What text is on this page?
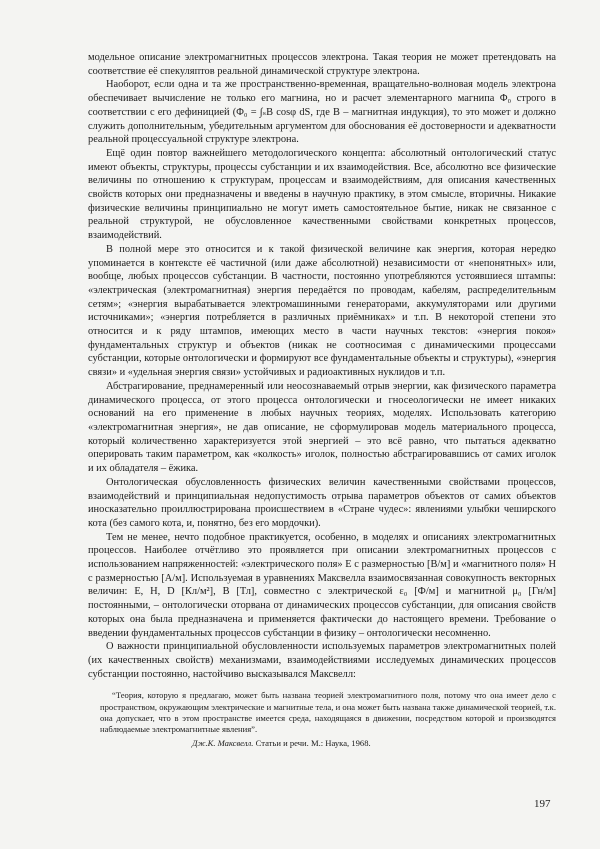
модельное описание электромагнитных процессов электрона. Такая теория не может претендовать на соответствие её спекуляптов реальной динамической структуре электрона.

Наоборот, если одна и та же пространственно-временная, вращательно-волновая модель электрона обеспечивает вычисление не только его магнина, но и расчет элементарного магнипа Φ₀ строго в соответствии с его дефиницией (Φ₀ = ∫ₛB cosφ dS, где B – магнитная индукция), то это может и должно служить дополнительным, убедительным аргументом для обоснования её достоверности и адекватности реальной процессуальной структуре электрона.

Ещё один повтор важнейшего методологического концепта: абсолютный онтологический статус имеют объекты, структуры, процессы субстанции и их взаимодействия. Все, абсолютно все физические величины по отношению к структурам, процессам и взаимодействиям, для описания качественных свойств которых они предназначены и введены в научную практику, в этом смысле, вторичны. Никакие физические величины принципиально не могут иметь самостоятельное бытие, никак не связанное с реальной структурой, не обусловленное качественными свойствами конкретных процессов, взаимодействий.

В полной мере это относится и к такой физической величине как энергия, которая нередко упоминается в контексте её частичной (или даже абсолютной) независимости от «непонятных» или, вообще, любых процессов субстанции. В частности, постоянно употребляются устоявшиеся штампы: «электрическая (электромагнитная) энергия передаётся по проводам, кабелям, распределительным сетям»; «энергия вырабатывается электромашинными генераторами, аккумуляторами или другими источниками»; «энергия потребляется в различных приёмниках» и т.п. В некоторой степени это относится и к ряду штампов, имеющих место в части научных текстов: «энергия покоя» фундаментальных структур и объектов (никак не соотносимая с динамическими процессами субстанции, которые онтологически и формируют все фундаментальные объекты и структуры), «энергия связи» и «удельная энергия связи» устойчивых и радиоактивных нуклидов и т.п.

Абстрагирование, преднамеренный или неосознаваемый отрыв энергии, как физического параметра динамического процесса, от этого процесса онтологически и гносеологически не имеет никаких оснований на его применение в любых научных теориях, моделях. Использовать категорию «электромагнитная энергия», не дав описание, не сформулировав модель материального процесса, который количественно характеризуется этой энергией – это всё равно, что пытаться адекватно оперировать таким параметром, как «колкость» иголок, полностью абстрагировавшись от самих иголок и их обладателя – ёжика.

Онтологическая обусловленность физических величин качественными свойствами процессов, взаимодействий и принципиальная недопустимость отрыва параметров объектов от самих объектов иносказательно проиллюстрирована происшествием в «Стране чудес»: явлениями улыбки чеширского кота (без самого кота, и, понятно, без его мордочки).

Тем не менее, нечто подобное практикуется, особенно, в моделях и описаниях электромагнитных процессов. Наиболее отчётливо это проявляется при описании электромагнитных процессов с использованием напряженностей: «электрического поля» E с размерностью [В/м] и «магнитного поля» H с размерностью [А/м]. Используемая в уравнениях Максвелла взаимосвязанная совокупность векторных величин: E, H, D [Кл/м²], B [Тл], совместно с электрической ε₀ [Ф/м] и магнитной μ₀ [Гн/м] постоянными, – онтологически оторвана от динамических процессов субстанции, для описания свойств которых она была предназначена и применяется фактически до настоящего времени. Требование о введении фундаментальных процессов субстанции в физику – онтологически несомненно.

О важности принципиальной обусловленности используемых параметров электромагнитных полей (их качественных свойств) механизмами, взаимодействиями исследуемых динамических процессов субстанции постоянно, настойчиво высказывался Максвелл:

“Теория, которую я предлагаю, может быть названа теорией электромагнитного поля, потому что она имеет дело с пространством, окружающим электрические и магнитные тела, и она может быть названа также динамической теорией, т.к. она допускает, что в этом пространстве имеется среда, находящаяся в движении, посредством которой и производятся наблюдаемые электромагнитные явления”.
Дж.К. Максвелл. Статьи и речи. М.: Наука, 1968.
197
